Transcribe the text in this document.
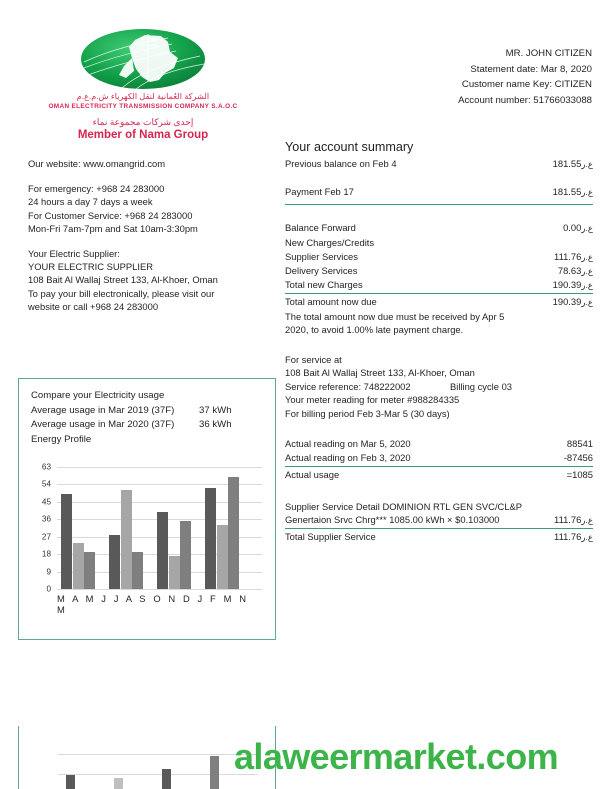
الشركة العُمانية لنقل الكهرباء ش.م.ع.م
OMAN ELECTRICITY TRANSMISSION COMPANY S.A.O.C
إحدى شركات مجموعة نماء
Member of Nama Group
Our website: www.omangrid.com
For emergency: +968 24 283000
24 hours a day 7 days a week
For Customer Service: +968 24 283000
Mon-Fri 7am-7pm and Sat 10am-3:30pm
Your Electric Supplier:
YOUR ELECTRIC SUPPLIER
108 Bait Al Wallaj Street 133, Al-Khoer, Oman
To pay your bill electronically, please visit our
website or call +968 24 283000
MR. JOHN CITIZEN
Statement date: Mar 8, 2020
Customer name Key: CITIZEN
Account number: 51766033088
Your account summary
Previous balance on Feb 4	ع.ر181.55
Payment Feb 17	ع.ر181.55
Balance Forward	ع.ر0.00
New Charges/Credits
Supplier Services	ع.ر111.76
Delivery Services	ع.ر78.63
Total new Charges	ع.ر190.39
Total amount now due	ع.ر190.39
The total amount now due must be received by Apr 5
2020, to avoid 1.00% late payment charge.
For service at
108 Bait Al Wallaj Street 133, Al-Khoer, Oman
Service reference: 748222002	Billing cycle 03
Your meter reading for meter #988284335
For billing period Feb 3-Mar 5 (30 days)
Actual reading on Mar 5, 2020	88541
Actual reading on Feb 3, 2020	-87456
Actual usage	=1085
Supplier Service Detail DOMINION RTL GEN SVC/CL&P
Genertaion Srvc Chrg*** 1085.00 kWh × $0.103000	ع.ر111.76
Total Supplier Service	ع.ر111.76
Compare your Electricity usage
Average usage in Mar 2019 (37F)	37 kWh
Average usage in Mar 2020 (37F)	36 kWh
Energy Profile
0
9
18
27
36
45
54
63
M A M J J A S O N D J F M N M
alaweermarket.com
